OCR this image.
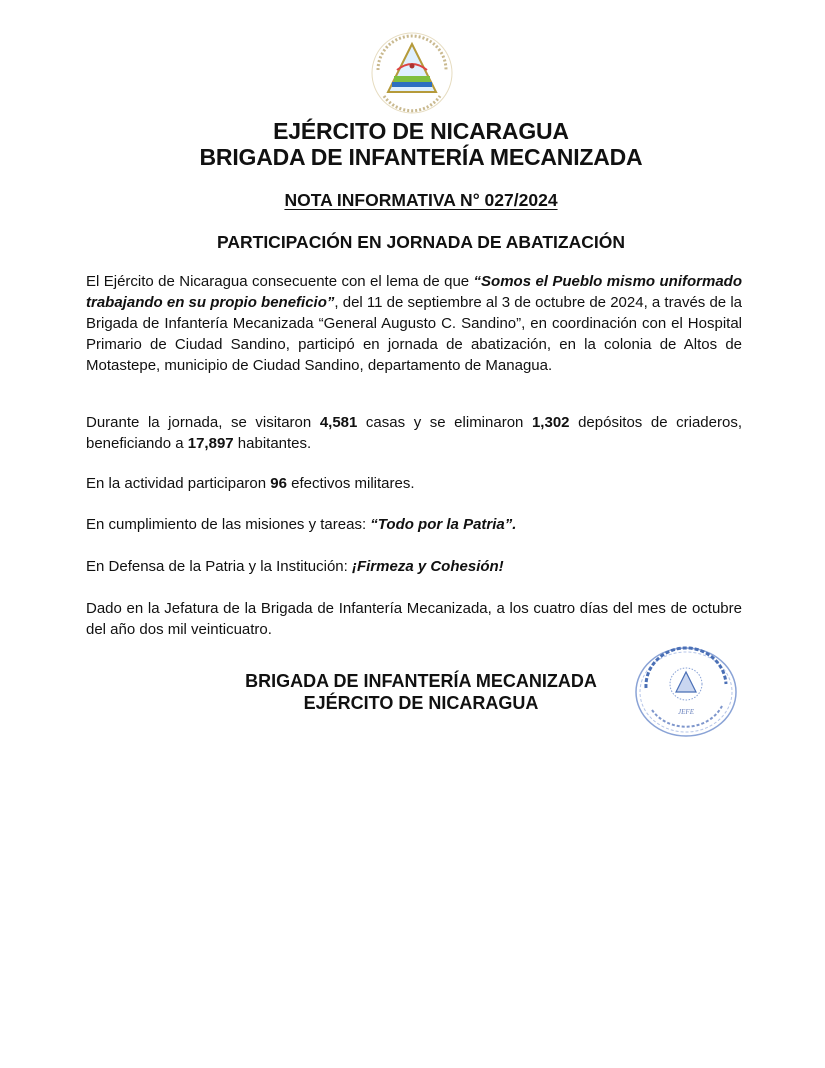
EJÉRCITO DE NICARAGUA
BRIGADA DE INFANTERÍA MECANIZADA
NOTA INFORMATIVA N° 027/2024
PARTICIPACIÓN EN JORNADA DE ABATIZACIÓN
El Ejército de Nicaragua consecuente con el lema de que “Somos el Pueblo mismo uniformado trabajando en su propio beneficio”, del 11 de septiembre al 3 de octubre de 2024, a través de la Brigada de Infantería Mecanizada “General Augusto C. Sandino”, en coordinación con el Hospital Primario de Ciudad Sandino, participó en jornada de abatización, en la colonia de Altos de Motastepe, municipio de Ciudad Sandino, departamento de Managua.
Durante la jornada, se visitaron 4,581 casas y se eliminaron 1,302 depósitos de criaderos, beneficiando a 17,897 habitantes.
En la actividad participaron 96 efectivos militares.
En cumplimiento de las misiones y tareas: “Todo por la Patria”.
En Defensa de la Patria y la Institución: ¡Firmeza y Cohesión!
Dado en la Jefatura de la Brigada de Infantería Mecanizada, a los cuatro días del mes de octubre del año dos mil veinticuatro.
BRIGADA DE INFANTERÍA MECANIZADA
EJÉRCITO DE NICARAGUA	JEFE
